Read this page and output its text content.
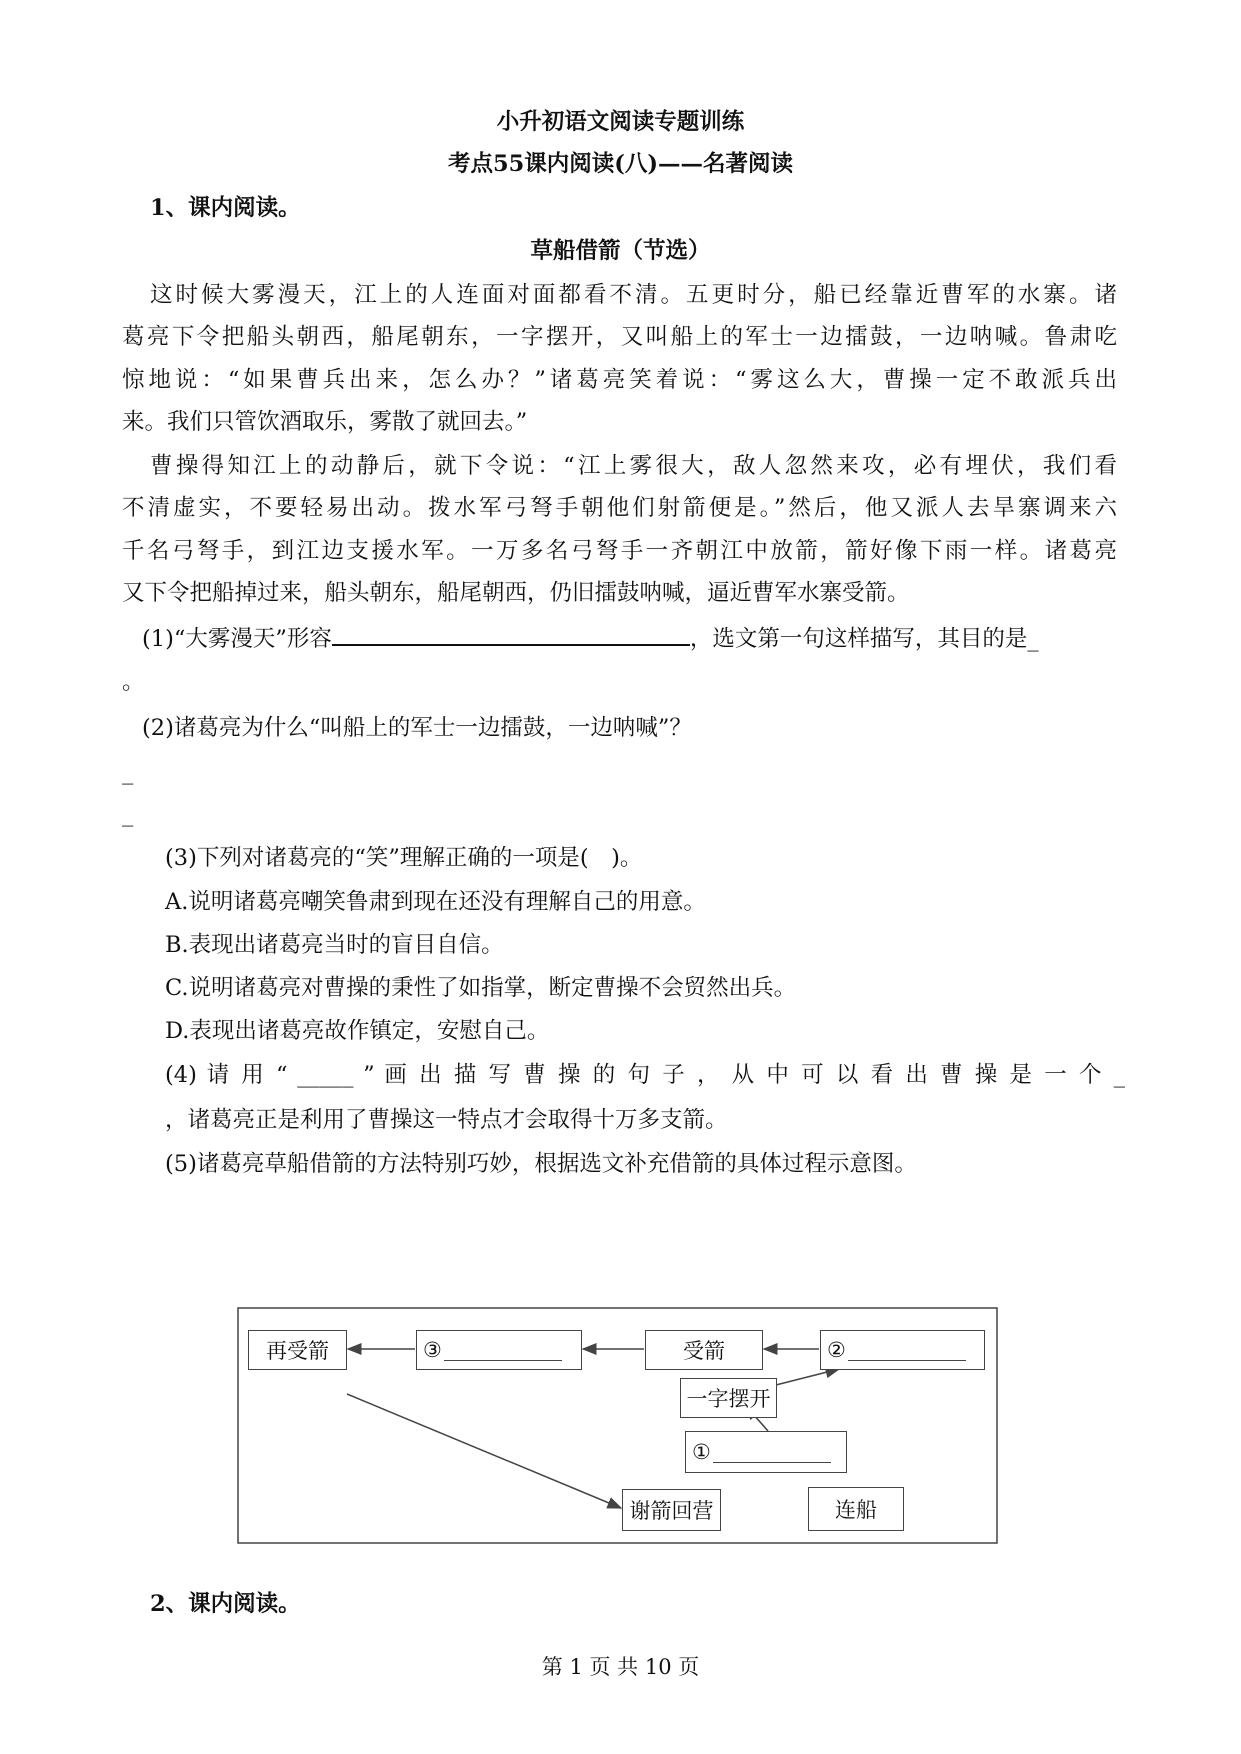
小升初语文阅读专题训练
考点55课内阅读(八)——名著阅读
1、课内阅读。
草船借箭（节选）
这时候大雾漫天，江上的人连面对面都看不清。五更时分，船已经靠近曹军的水寨。诸
葛亮下令把船头朝西，船尾朝东，一字摆开，又叫船上的军士一边擂鼓，一边呐喊。鲁肃吃
惊地说：“如果曹兵出来，怎么办？”诸葛亮笑着说：“雾这么大，曹操一定不敢派兵出
来。我们只管饮酒取乐，雾散了就回去。”
曹操得知江上的动静后，就下令说：“江上雾很大，敌人忽然来攻，必有埋伏，我们看
不清虚实，不要轻易出动。拨水军弓弩手朝他们射箭便是。”然后，他又派人去旱寨调来六
千名弓弩手，到江边支援水军。一万多名弓弩手一齐朝江中放箭，箭好像下雨一样。诸葛亮
又下令把船掉过来，船头朝东，船尾朝西，仍旧擂鼓呐喊，逼近曹军水寨受箭。
(1)“大雾漫天”形容	，选文第一句这样描写，其目的是_
。
(2)诸葛亮为什么“叫船上的军士一边擂鼓，一边呐喊”？
_
_
(3)下列对诸葛亮的“笑”理解正确的一项是(　)。
A.说明诸葛亮嘲笑鲁肃到现在还没有理解自己的用意。
B.表现出诸葛亮当时的盲目自信。
C.说明诸葛亮对曹操的秉性了如指掌，断定曹操不会贸然出兵。
D.表现出诸葛亮故作镇定，安慰自己。
(4) 请 用 “ _____ ” 画 出 描 写 曹 操 的 句 子 ， 从 中 可 以 看 出 曹 操 是 一 个 _
，诸葛亮正是利用了曹操这一特点才会取得十万多支箭。
(5)诸葛亮草船借箭的方法特别巧妙，根据选文补充借箭的具体过程示意图。
再受箭	③	受箭	②
一字摆开
①
谢箭回营	连船
2、课内阅读。
第 1 页 共 10 页
